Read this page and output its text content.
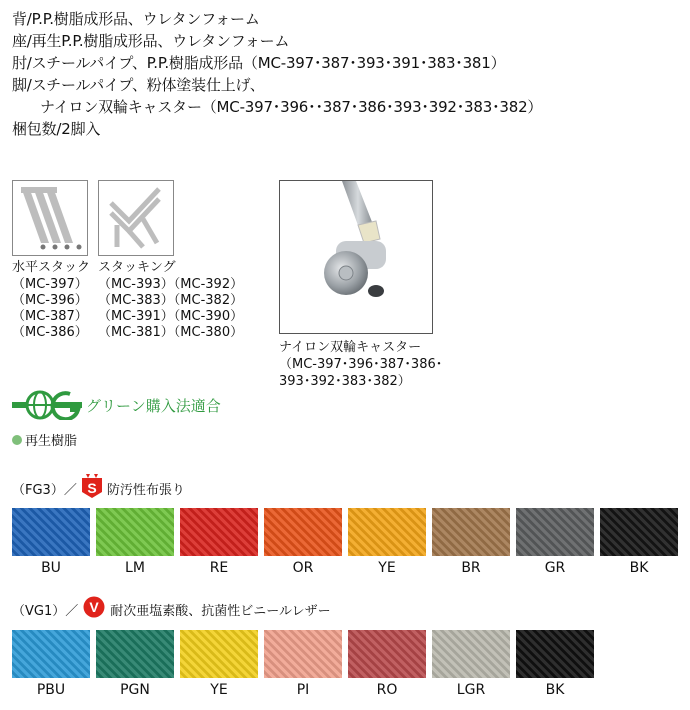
背/P.P.樹脂成形品、ウレタンフォーム
座/再生P.P.樹脂成形品、ウレタンフォーム
肘/スチールパイプ、P.P.樹脂成形品（MC-397･387･393･391･383･381）
脚/スチールパイプ、粉体塗装仕上げ、
ナイロン双輪キャスター（MC-397･396･･387･386･393･392･383･382）
梱包数/2脚入
水平スタック
（MC-397）
（MC-396）
（MC-387）
（MC-386）
スタッキング
（MC-393）（MC-392）
（MC-383）（MC-382）
（MC-391）（MC-390）
（MC-381）（MC-380）
ナイロン双輪キャスター
（MC-397･396･387･386･
393･392･383･382）
グリーン購入法適合
再生樹脂
（FG3）／ S 防汚性布張り
BU	LM	RE	OR	YE	BR	GR	BK
（VG1）／ V 耐次亜塩素酸、抗菌性ビニールレザー
PBU	PGN	YE	PI	RO	LGR	BK
